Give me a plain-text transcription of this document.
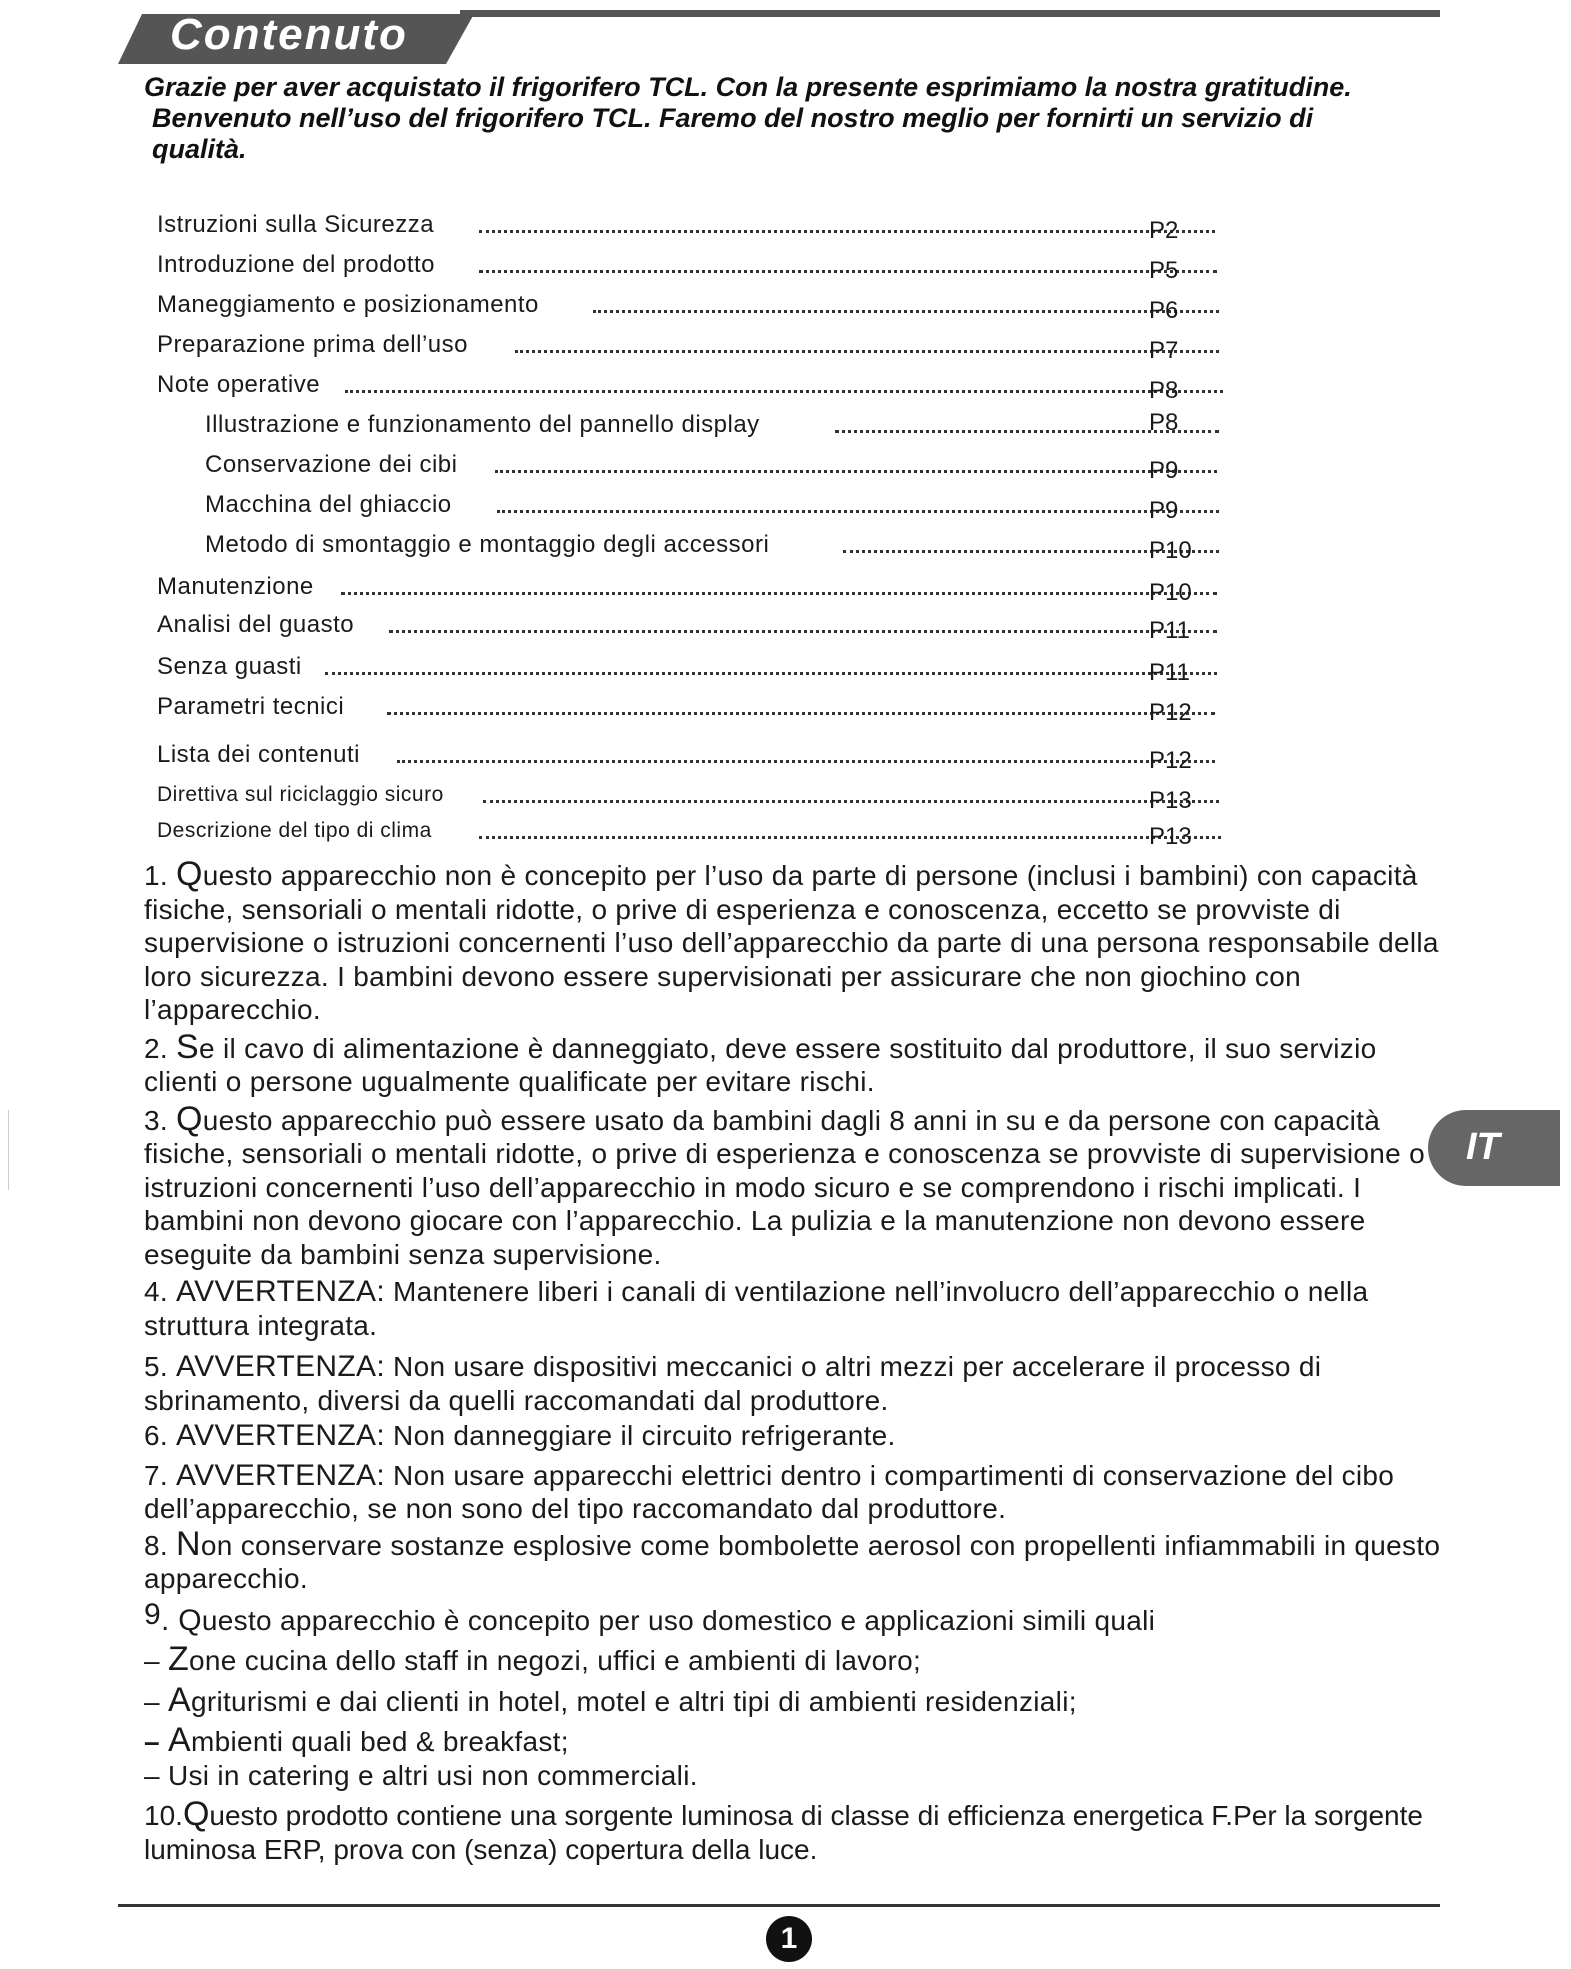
Contenuto

Grazie per aver acquistato il frigorifero TCL. Con la presente esprimiamo la nostra gratitudine.

Benvenuto nell’uso del frigorifero TCL. Faremo del nostro meglio per fornirti un servizio di qualità.

Istruzioni sulla Sicurezza	P2
Introduzione del prodotto	P5
Maneggiamento e posizionamento	P6
Preparazione prima dell’uso	P7
Note operative	P8
Illustrazione e funzionamento del pannello display	P8
Conservazione dei cibi	P9
Macchina del ghiaccio	P9
Metodo di smontaggio e montaggio degli accessori	P10
Manutenzione	P10
Analisi del guasto	P11
Senza guasti	P11
Parametri tecnici	P12
Lista dei contenuti	P12
Direttiva sul riciclaggio sicuro	P13
Descrizione del tipo di clima	P13

1. Questo apparecchio non è concepito per l’uso da parte di persone (inclusi i bambini) con capacità fisiche, sensoriali o mentali ridotte, o prive di esperienza e conoscenza, eccetto se provviste di supervisione o istruzioni concernenti l’uso dell’apparecchio da parte di una persona responsabile della loro sicurezza. I bambini devono essere supervisionati per assicurare che non giochino con l’apparecchio.

2. Se il cavo di alimentazione è danneggiato, deve essere sostituito dal produttore, il suo servizio clienti o persone ugualmente qualificate per evitare rischi.

3. Questo apparecchio può essere usato da bambini dagli 8 anni in su e da persone con capacità fisiche, sensoriali o mentali ridotte, o prive di esperienza e conoscenza se provviste di supervisione o istruzioni concernenti l’uso dell’apparecchio in modo sicuro e se comprendono i rischi implicati. I bambini non devono giocare con l’apparecchio. La pulizia e la manutenzione non devono essere eseguite da bambini senza supervisione.

4. AVVERTENZA: Mantenere liberi i canali di ventilazione nell’involucro dell’apparecchio o nella struttura integrata.

5. AVVERTENZA: Non usare dispositivi meccanici o altri mezzi per accelerare il processo di sbrinamento, diversi da quelli raccomandati dal produttore.

6. AVVERTENZA: Non danneggiare il circuito refrigerante.

7. AVVERTENZA: Non usare apparecchi elettrici dentro i compartimenti di conservazione del cibo dell’apparecchio, se non sono del tipo raccomandato dal produttore.

8. Non conservare sostanze esplosive come bombolette aerosol con propellenti infiammabili in questo apparecchio.

9. Questo apparecchio è concepito per uso domestico e applicazioni simili quali

– Zone cucina dello staff in negozi, uffici e ambienti di lavoro;

– Agriturismi e dai clienti in hotel, motel e altri tipi di ambienti residenziali;

– Ambienti quali bed & breakfast;

– Usi in catering e altri usi non commerciali.

10.Questo prodotto contiene una sorgente luminosa di classe di efficienza energetica F.Per la sorgente luminosa ERP, prova con (senza) copertura della luce.

IT
1
